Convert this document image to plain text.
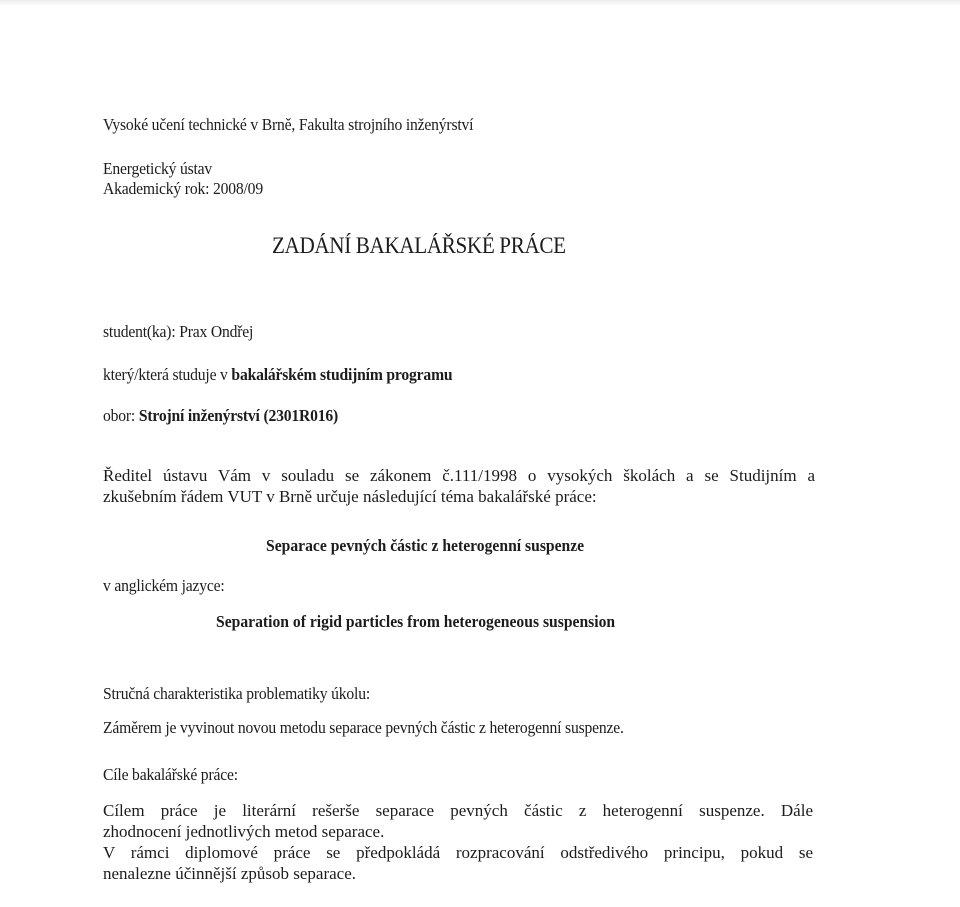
Vysoké učení technické v Brně, Fakulta strojního inženýrství
Energetický ústav
Akademický rok: 2008/09
ZADÁNÍ BAKALÁŘSKÉ PRÁCE
student(ka): Prax Ondřej
který/která studuje v bakalářském studijním programu
obor: Strojní inženýrství (2301R016)
Ředitel ústavu Vám v souladu se zákonem č.111/1998 o vysokých školách a se Studijním a
zkušebním řádem VUT v Brně určuje následující téma bakalářské práce:
Separace pevných částic z heterogenní suspenze
v anglickém jazyce:
Separation of rigid particles from heterogeneous suspension
Stručná charakteristika problematiky úkolu:
Záměrem je vyvinout novou metodu separace pevných částic z heterogenní suspenze.
Cíle bakalářské práce:
Cílem práce je literární rešerše separace pevných částic z heterogenní suspenze. Dále
zhodnocení jednotlivých metod separace.
V rámci diplomové práce se předpokládá rozpracování odstředivého principu, pokud se
nenalezne účinnější způsob separace.
